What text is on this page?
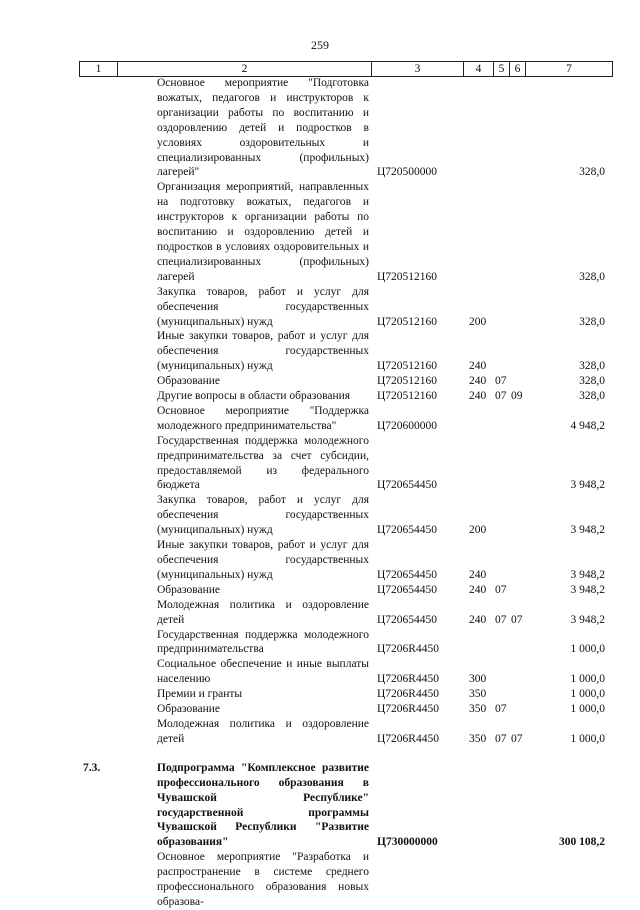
259
1	2	3	4	5 6	7
Основное мероприятие "Подготовка вожатых, педагогов и инструкторов к организации работы по воспитанию и оздоровлению детей и подростков в условиях оздоровительных и специализированных (профильных) лагерей"	Ц720500000	328,0
Организация мероприятий, направленных на подготовку вожатых, педагогов и инструкторов к организации работы по воспитанию и оздоровлению детей и подростков в условиях оздоровительных и специализированных (профильных) лагерей	Ц720512160	328,0
Закупка товаров, работ и услуг для обеспечения государственных (муниципальных) нужд	Ц720512160	200	328,0
Иные закупки товаров, работ и услуг для обеспечения государственных (муниципальных) нужд	Ц720512160	240	328,0
Образование	Ц720512160	240 07	328,0
Другие вопросы в области образования	Ц720512160	240 07 09	328,0
Основное мероприятие "Поддержка молодежного предпринимательства"	Ц720600000	4 948,2
Государственная поддержка молодежного предпринимательства за счет субсидии, предоставляемой из федерального бюджета	Ц720654450	3 948,2
Закупка товаров, работ и услуг для обеспечения государственных (муниципальных) нужд	Ц720654450	200	3 948,2
Иные закупки товаров, работ и услуг для обеспечения государственных (муниципальных) нужд	Ц720654450	240	3 948,2
Образование	Ц720654450	240 07	3 948,2
Молодежная политика и оздоровление детей	Ц720654450	240 07 07	3 948,2
Государственная поддержка молодежного предпринимательства	Ц7206R4450	1 000,0
Социальное обеспечение и иные выплаты населению	Ц7206R4450	300	1 000,0
Премии и гранты	Ц7206R4450	350	1 000,0
Образование	Ц7206R4450	350 07	1 000,0
Молодежная политика и оздоровление детей	Ц7206R4450	350 07 07	1 000,0
7.3.	Подпрограмма "Комплексное развитие профессионального образования в Чувашской Республике" государственной программы Чувашской Республики "Развитие образования"	Ц730000000	300 108,2
Основное мероприятие "Разработка и распространение в системе среднего профессионального образования новых образова-
